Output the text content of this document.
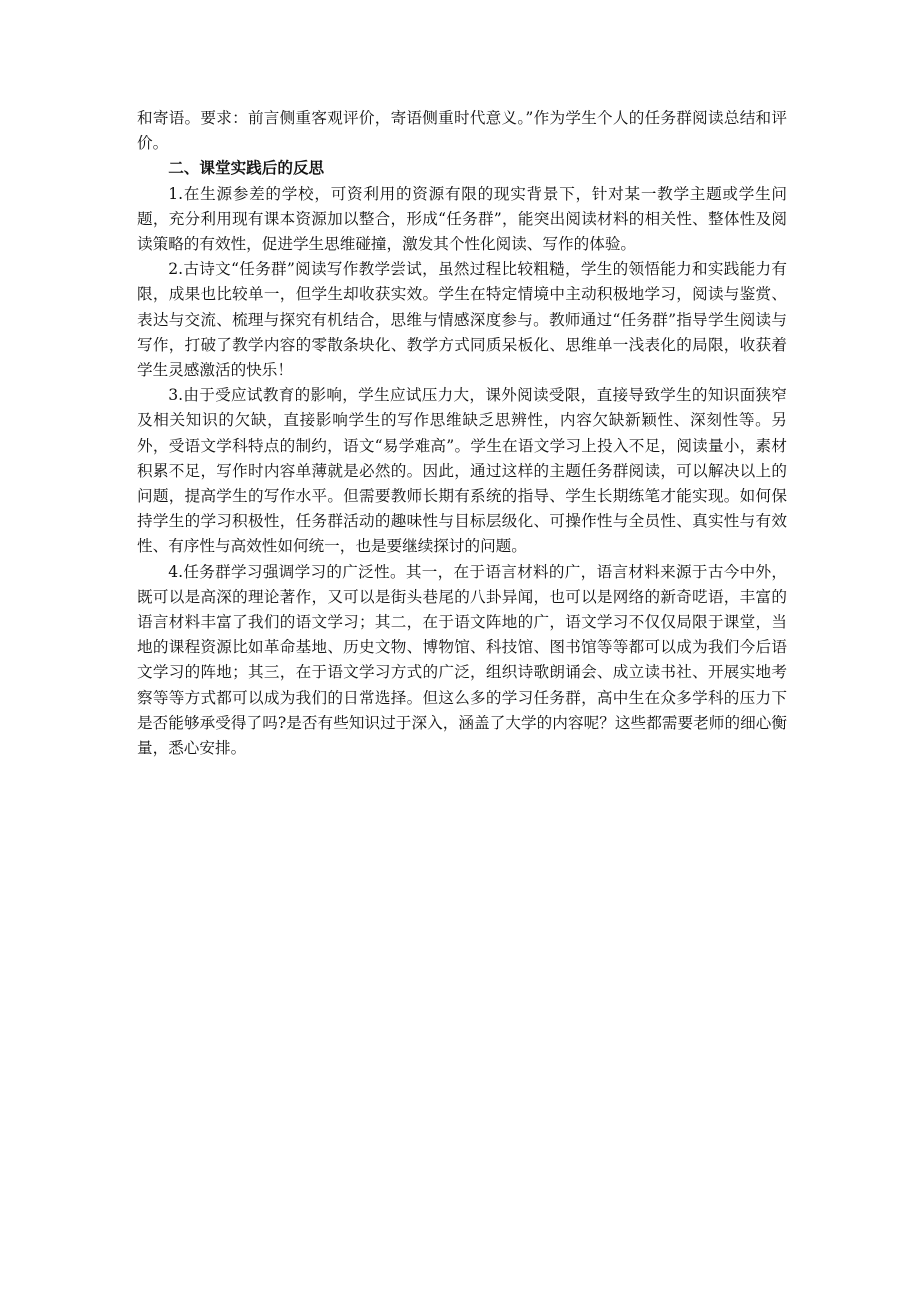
和寄语。要求：前言侧重客观评价，寄语侧重时代意义。”作为学生个人的任务群阅读总结和评价。

二、课堂实践后的反思

1.在生源参差的学校，可资利用的资源有限的现实背景下，针对某一教学主题或学生问题，充分利用现有课本资源加以整合，形成“任务群”，能突出阅读材料的相关性、整体性及阅读策略的有效性，促进学生思维碰撞，激发其个性化阅读、写作的体验。

2.古诗文“任务群”阅读写作教学尝试，虽然过程比较粗糙，学生的领悟能力和实践能力有限，成果也比较单一，但学生却收获实效。学生在特定情境中主动积极地学习，阅读与鉴赏、表达与交流、梳理与探究有机结合，思维与情感深度参与。教师通过“任务群”指导学生阅读与写作，打破了教学内容的零散条块化、教学方式同质呆板化、思维单一浅表化的局限，收获着学生灵感激活的快乐！

3.由于受应试教育的影响，学生应试压力大，课外阅读受限，直接导致学生的知识面狭窄及相关知识的欠缺，直接影响学生的写作思维缺乏思辨性，内容欠缺新颖性、深刻性等。另外，受语文学科特点的制约，语文“易学难高”。学生在语文学习上投入不足，阅读量小，素材积累不足，写作时内容单薄就是必然的。因此，通过这样的主题任务群阅读，可以解决以上的问题，提高学生的写作水平。但需要教师长期有系统的指导、学生长期练笔才能实现。如何保持学生的学习积极性，任务群活动的趣味性与目标层级化、可操作性与全员性、真实性与有效性、有序性与高效性如何统一，也是要继续探讨的问题。

4.任务群学习强调学习的广泛性。其一，在于语言材料的广，语言材料来源于古今中外，既可以是高深的理论著作，又可以是街头巷尾的八卦异闻，也可以是网络的新奇呓语，丰富的语言材料丰富了我们的语文学习；其二，在于语文阵地的广，语文学习不仅仅局限于课堂，当地的课程资源比如革命基地、历史文物、博物馆、科技馆、图书馆等等都可以成为我们今后语文学习的阵地；其三，在于语文学习方式的广泛，组织诗歌朗诵会、成立读书社、开展实地考察等等方式都可以成为我们的日常选择。但这么多的学习任务群，高中生在众多学科的压力下是否能够承受得了吗?是否有些知识过于深入，涵盖了大学的内容呢？这些都需要老师的细心衡量，悉心安排。
